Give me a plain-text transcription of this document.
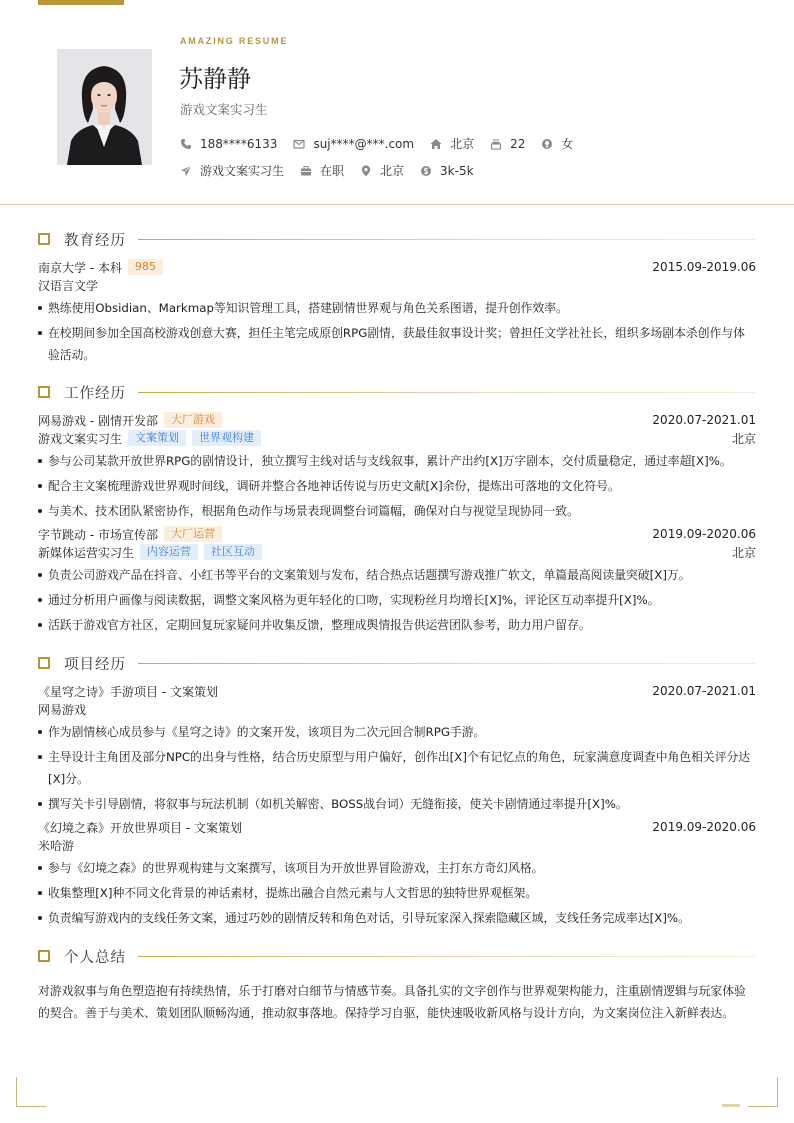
AMAZING RESUME
苏静静
游戏文案实习生
188****6133	suj****@***.com	北京	22	女
游戏文案实习生	在职	北京	3k-5k
教育经历
南京大学 - 本科	985	2015.09-2019.06
汉语言文学
熟练使用Obsidian、Markmap等知识管理工具，搭建剧情世界观与角色关系图谱，提升创作效率。
在校期间参加全国高校游戏创意大赛，担任主笔完成原创RPG剧情，获最佳叙事设计奖；曾担任文学社社长，组织多场剧本杀创作与体验活动。
工作经历
网易游戏 - 剧情开发部	大厂游戏	2020.07-2021.01
游戏文案实习生	文案策划	世界观构建	北京
参与公司某款开放世界RPG的剧情设计，独立撰写主线对话与支线叙事，累计产出约[X]万字剧本，交付质量稳定，通过率超[X]%。
配合主文案梳理游戏世界观时间线，调研并整合各地神话传说与历史文献[X]余份，提炼出可落地的文化符号。
与美术、技术团队紧密协作，根据角色动作与场景表现调整台词篇幅，确保对白与视觉呈现协同一致。
字节跳动 - 市场宣传部	大厂运营	2019.09-2020.06
新媒体运营实习生	内容运营	社区互动	北京
负责公司游戏产品在抖音、小红书等平台的文案策划与发布，结合热点话题撰写游戏推广软文，单篇最高阅读量突破[X]万。
通过分析用户画像与阅读数据，调整文案风格为更年轻化的口吻，实现粉丝月均增长[X]%，评论区互动率提升[X]%。
活跃于游戏官方社区，定期回复玩家疑问并收集反馈，整理成舆情报告供运营团队参考，助力用户留存。
项目经历
《星穹之诗》手游项目 - 文案策划	2020.07-2021.01
网易游戏
作为剧情核心成员参与《星穹之诗》的文案开发，该项目为二次元回合制RPG手游。
主导设计主角团及部分NPC的出身与性格，结合历史原型与用户偏好，创作出[X]个有记忆点的角色，玩家满意度调查中角色相关评分达[X]分。
撰写关卡引导剧情，将叙事与玩法机制（如机关解密、BOSS战台词）无缝衔接，使关卡剧情通过率提升[X]%。
《幻境之森》开放世界项目 - 文案策划	2019.09-2020.06
米哈游
参与《幻境之森》的世界观构建与文案撰写，该项目为开放世界冒险游戏，主打东方奇幻风格。
收集整理[X]种不同文化背景的神话素材，提炼出融合自然元素与人文哲思的独特世界观框架。
负责编写游戏内的支线任务文案，通过巧妙的剧情反转和角色对话，引导玩家深入探索隐藏区域，支线任务完成率达[X]%。
个人总结

对游戏叙事与角色塑造抱有持续热情，乐于打磨对白细节与情感节奏。具备扎实的文字创作与世界观架构能力，注重剧情逻辑与玩家体验的契合。善于与美术、策划团队顺畅沟通，推动叙事落地。保持学习自驱，能快速吸收新风格与设计方向，为文案岗位注入新鲜表达。
